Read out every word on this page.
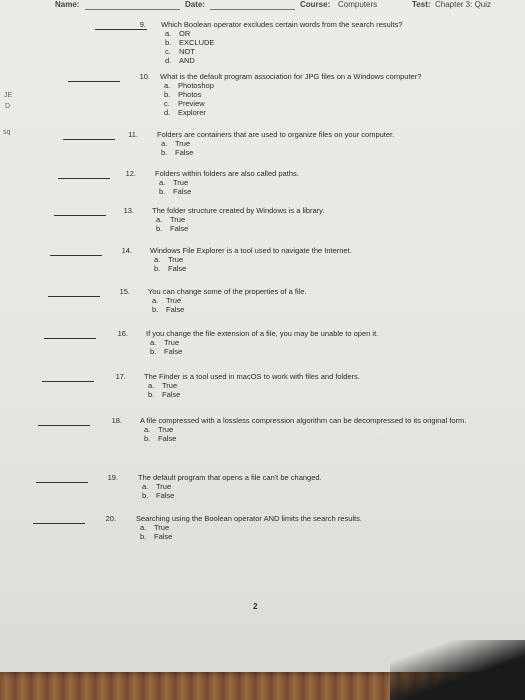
Name:	Date:	Course: Computers	Test: Chapter 3: Quiz
JE
D
sq
9. Which Boolean operator excludes certain words from the search results?
a. OR
b. EXCLUDE
c. NOT
d. AND
10. What is the default program association for JPG files on a Windows computer?
a. Photoshop
b. Photos
c. Preview
d. Explorer
11.	Folders are containers that are used to organize files on your computer.
a. True
b. False
12.	Folders within folders are also called paths.
a. True
b. False
13. The folder structure created by Windows is a library.
a. True
b. False
14. Windows File Explorer is a tool used to navigate the Internet.
a. True
b. False
15. You can change some of the properties of a file.
a. True
b. False
16. If you change the file extension of a file, you may be unable to open it.
a. True
b. False
17. The Finder is a tool used in macOS to work with files and folders.
a. True
b. False
18. A file compressed with a lossless compression algorithm can be decompressed to its original form.
a. True
b. False
19.	The default program that opens a file can't be changed.
a. True
b. False
20.	Searching using the Boolean operator AND limits the search results.
a. True
b. False
2
